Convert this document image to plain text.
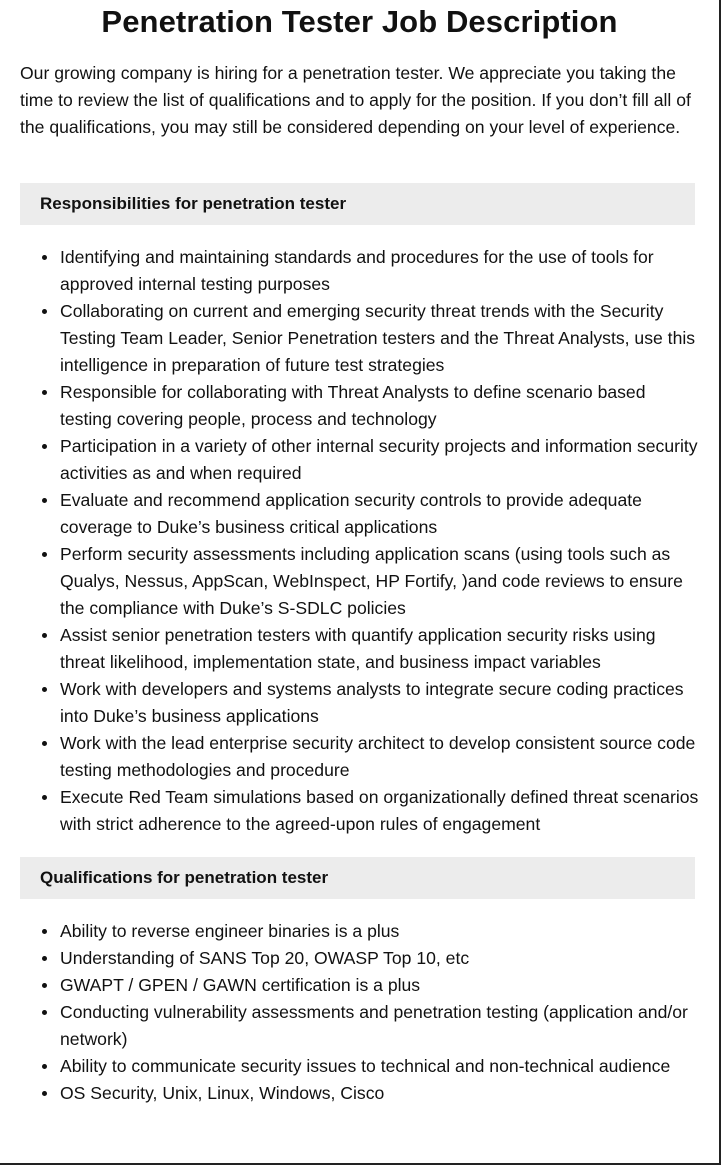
Penetration Tester Job Description

Our growing company is hiring for a penetration tester. We appreciate you taking the time to review the list of qualifications and to apply for the position. If you don’t fill all of the qualifications, you may still be considered depending on your level of experience.

Responsibilities for penetration tester
Identifying and maintaining standards and procedures for the use of tools for approved internal testing purposes
Collaborating on current and emerging security threat trends with the Security Testing Team Leader, Senior Penetration testers and the Threat Analysts, use this intelligence in preparation of future test strategies
Responsible for collaborating with Threat Analysts to define scenario based testing covering people, process and technology
Participation in a variety of other internal security projects and information security activities as and when required
Evaluate and recommend application security controls to provide adequate coverage to Duke’s business critical applications
Perform security assessments including application scans (using tools such as Qualys, Nessus, AppScan, WebInspect, HP Fortify, )and code reviews to ensure the compliance with Duke’s S-SDLC policies
Assist senior penetration testers with quantify application security risks using threat likelihood, implementation state, and business impact variables
Work with developers and systems analysts to integrate secure coding practices into Duke’s business applications
Work with the lead enterprise security architect to develop consistent source code testing methodologies and procedure
Execute Red Team simulations based on organizationally defined threat scenarios with strict adherence to the agreed-upon rules of engagement
Qualifications for penetration tester
Ability to reverse engineer binaries is a plus
Understanding of SANS Top 20, OWASP Top 10, etc
GWAPT / GPEN / GAWN certification is a plus
Conducting vulnerability assessments and penetration testing (application and/or network)
Ability to communicate security issues to technical and non-technical audience
OS Security, Unix, Linux, Windows, Cisco
